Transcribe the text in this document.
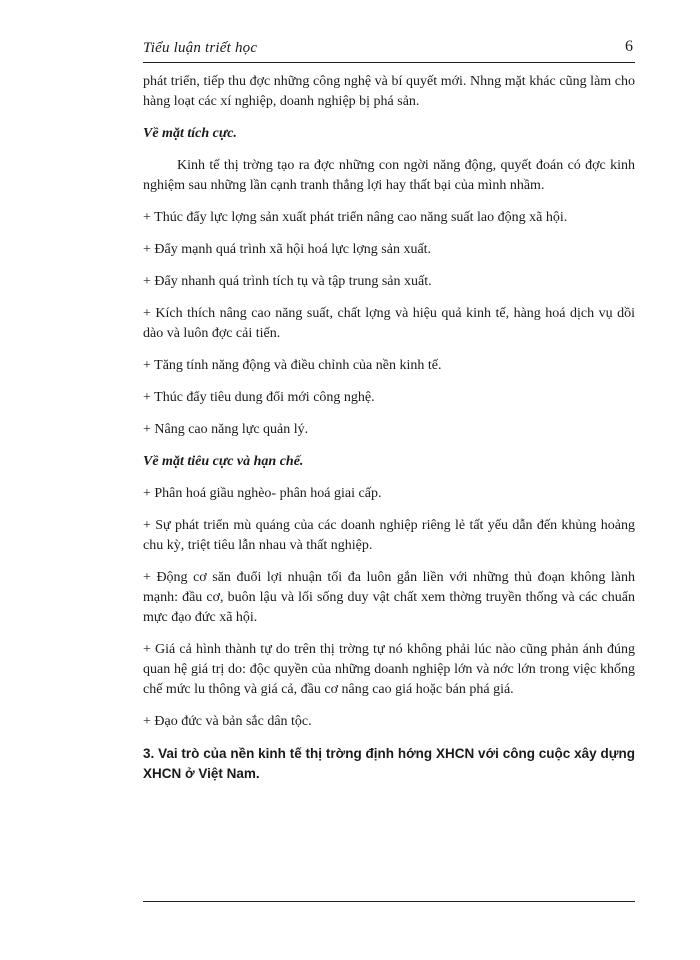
Tiểu luận triết học	6

phát triển, tiếp thu đợc những công nghệ và bí quyết mới. Nhng mặt khác cũng làm cho hàng loạt các xí nghiệp, doanh nghiệp bị phá sản.

Về mặt tích cực.

Kinh tế thị trờng tạo ra đợc những con ngời năng động, quyết đoán có đợc kinh nghiệm sau những lần cạnh tranh thắng lợi hay thất bại của mình nhầm.

+ Thúc đẩy lực lợng sản xuất phát triển nâng cao năng suất lao động xã hội.

+ Đẩy mạnh quá trình xã hội hoá lực lợng sản xuất.

+ Đẩy nhanh quá trình tích tụ và tập trung sản xuất.

+ Kích thích nâng cao năng suất, chất lợng và hiệu quả kinh tế, hàng hoá dịch vụ dồi dào và luôn đợc cải tiến.

+ Tăng tính năng động và điều chỉnh của nền kinh tế.

+ Thúc đẩy tiêu dung đổi mới công nghệ.

+ Nâng cao năng lực quản lý.

Về mặt tiêu cực và hạn chế.

+ Phân hoá giầu nghèo- phân hoá giai cấp.

+ Sự phát triển mù quáng của các doanh nghiệp riêng lẻ tất yếu dẫn đến khủng hoảng chu kỳ, triệt tiêu lẫn nhau và thất nghiệp.

+ Động cơ săn đuổi lợi nhuận tối đa luôn gắn liền với những thủ đoạn không lành mạnh: đầu cơ, buôn lậu và lối sống duy vật chất xem thờng truyền thống và các chuẩn mực đạo đức xã hội.

+ Giá cả hình thành tự do trên thị trờng tự nó không phải lúc nào cũng phản ánh đúng quan hệ giá trị do: độc quyền của những doanh nghiệp lớn và nớc lớn trong việc khống chế mức lu thông và giá cả, đầu cơ nâng cao giá hoặc bán phá giá.

+ Đạo đức và bản sắc dân tộc.

3. Vai trò của nền kinh tế thị trờng định hớng XHCN với công cuộc xây dựng XHCN ở Việt Nam.
